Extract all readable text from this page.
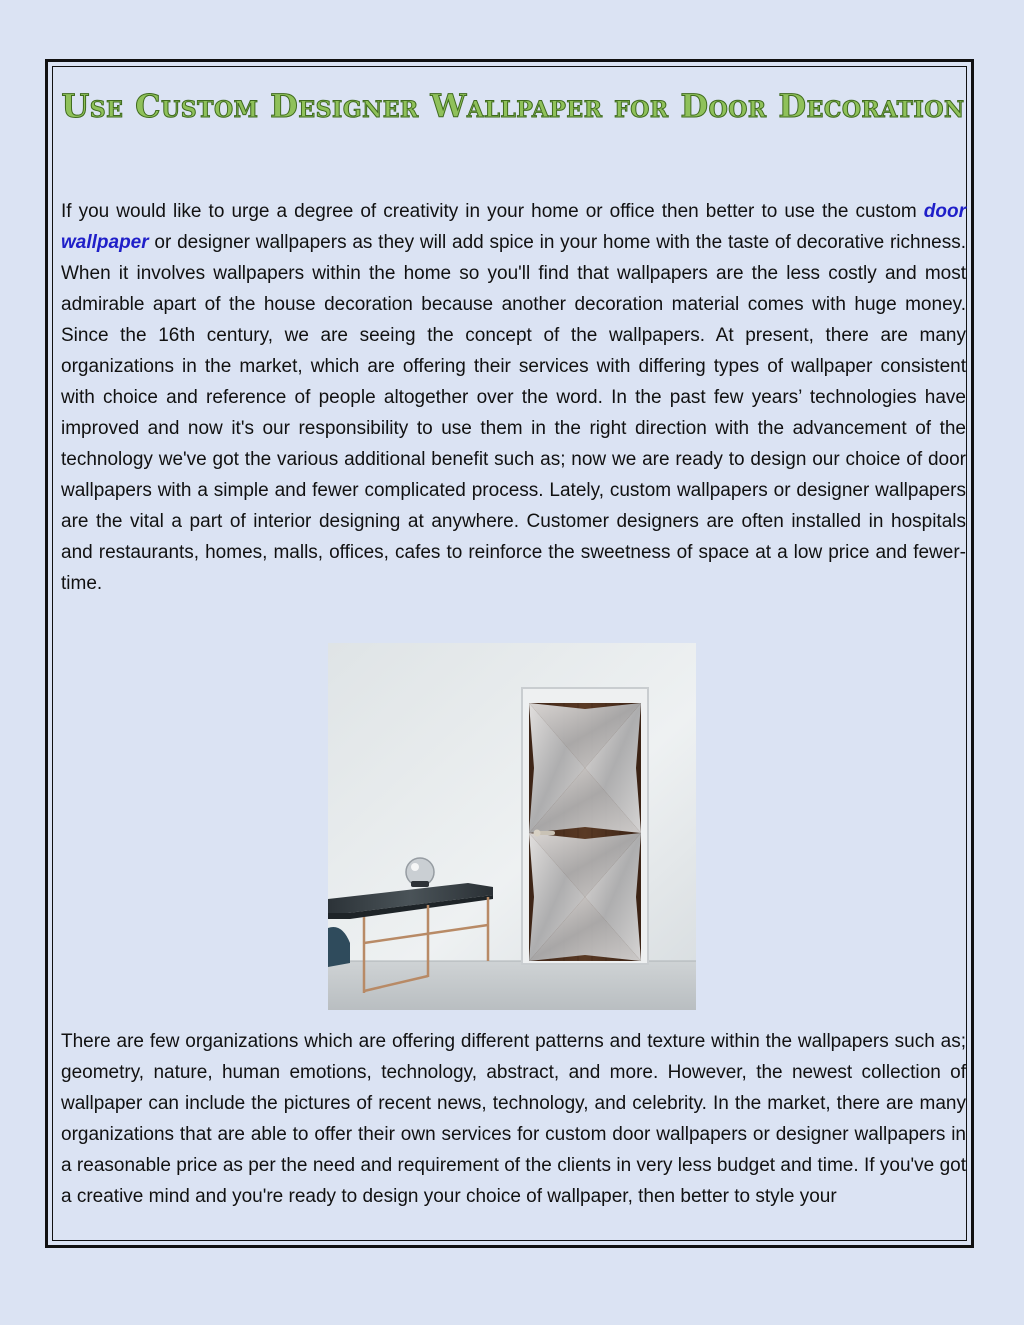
Use Custom Designer Wallpaper for Door Decoration

If you would like to urge a degree of creativity in your home or office then better to use the custom door wallpaper or designer wallpapers as they will add spice in your home with the taste of decorative richness. When it involves wallpapers within the home so you'll find that wallpapers are the less costly and most admirable apart of the house decoration because another decoration material comes with huge money. Since the 16th century, we are seeing the concept of the wallpapers. At present, there are many organizations in the market, which are offering their services with differing types of wallpaper consistent with choice and reference of people altogether over the word. In the past few years’ technologies have improved and now it's our responsibility to use them in the right direction with the advancement of the technology we've got the various additional benefit such as; now we are ready to design our choice of door wallpapers with a simple and fewer complicated process. Lately, custom wallpapers or designer wallpapers are the vital a part of interior designing at anywhere. Customer designers are often installed in hospitals and restaurants, homes, malls, offices, cafes to reinforce the sweetness of space at a low price and fewer-time.

There are few organizations which are offering different patterns and texture within the wallpapers such as; geometry, nature, human emotions, technology, abstract, and more. However, the newest collection of wallpaper can include the pictures of recent news, technology, and celebrity. In the market, there are many organizations that are able to offer their own services for custom door wallpapers or designer wallpapers in a reasonable price as per the need and requirement of the clients in very less budget and time. If you've got a creative mind and you're ready to design your choice of wallpaper, then better to style your
